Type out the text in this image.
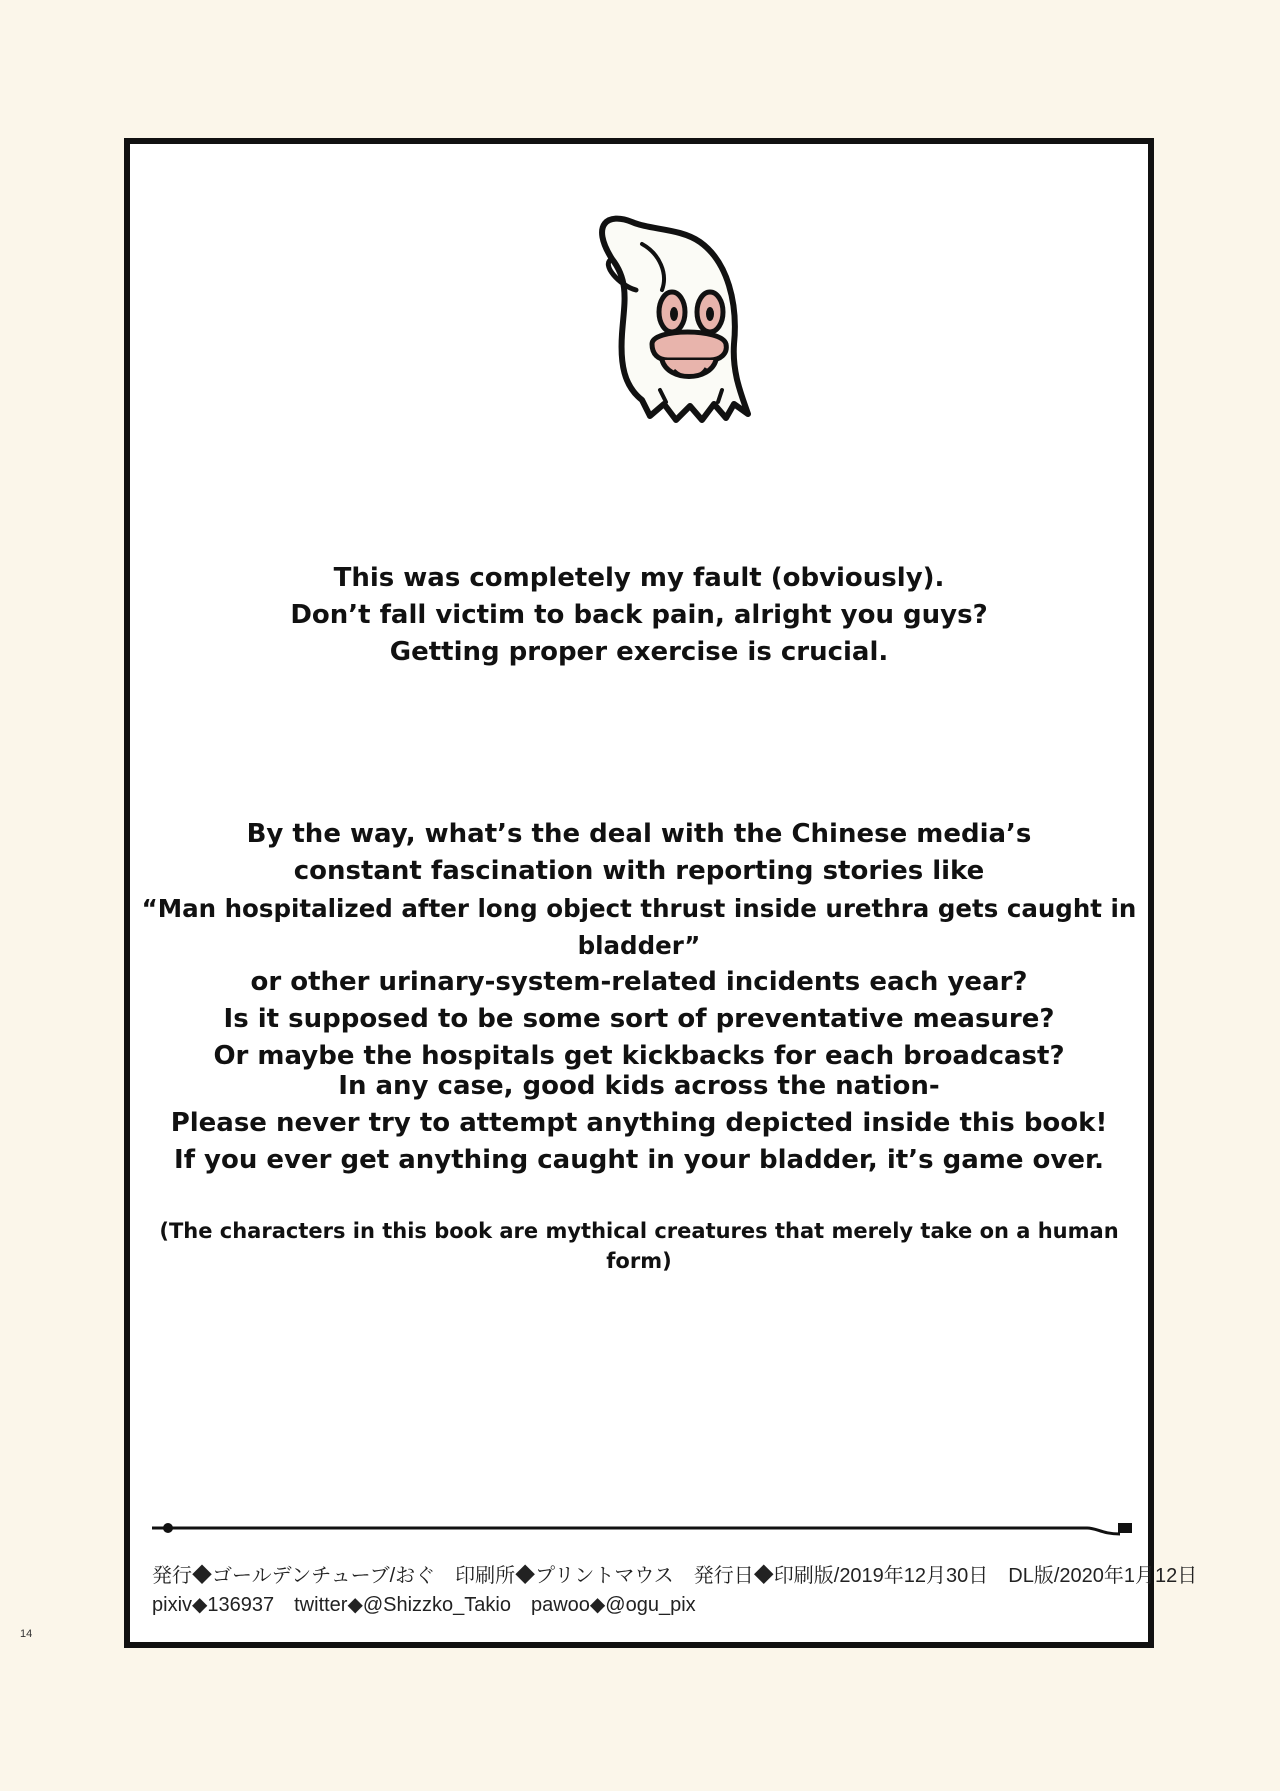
This was completely my fault (obviously).

Don’t fall victim to back pain, alright you guys?

Getting proper exercise is crucial.

By the way, what’s the deal with the Chinese media’s

constant fascination with reporting stories like

“Man hospitalized after long object thrust inside urethra gets caught in bladder”

or other urinary-system-related incidents each year?

Is it supposed to be some sort of preventative measure?

Or maybe the hospitals get kickbacks for each broadcast?

In any case, good kids across the nation-

Please never try to attempt anything depicted inside this book!

If you ever get anything caught in your bladder, it’s game over.

(The characters in this book are mythical creatures that merely take on a human form)
発行◆ゴールデンチューブ/おぐ　印刷所◆プリントマウス　発行日◆印刷版/2019年12月30日　DL版/2020年1月12日
pixiv◆136937　twitter◆@Shizzko_Takio　pawoo◆@ogu_pix
14
